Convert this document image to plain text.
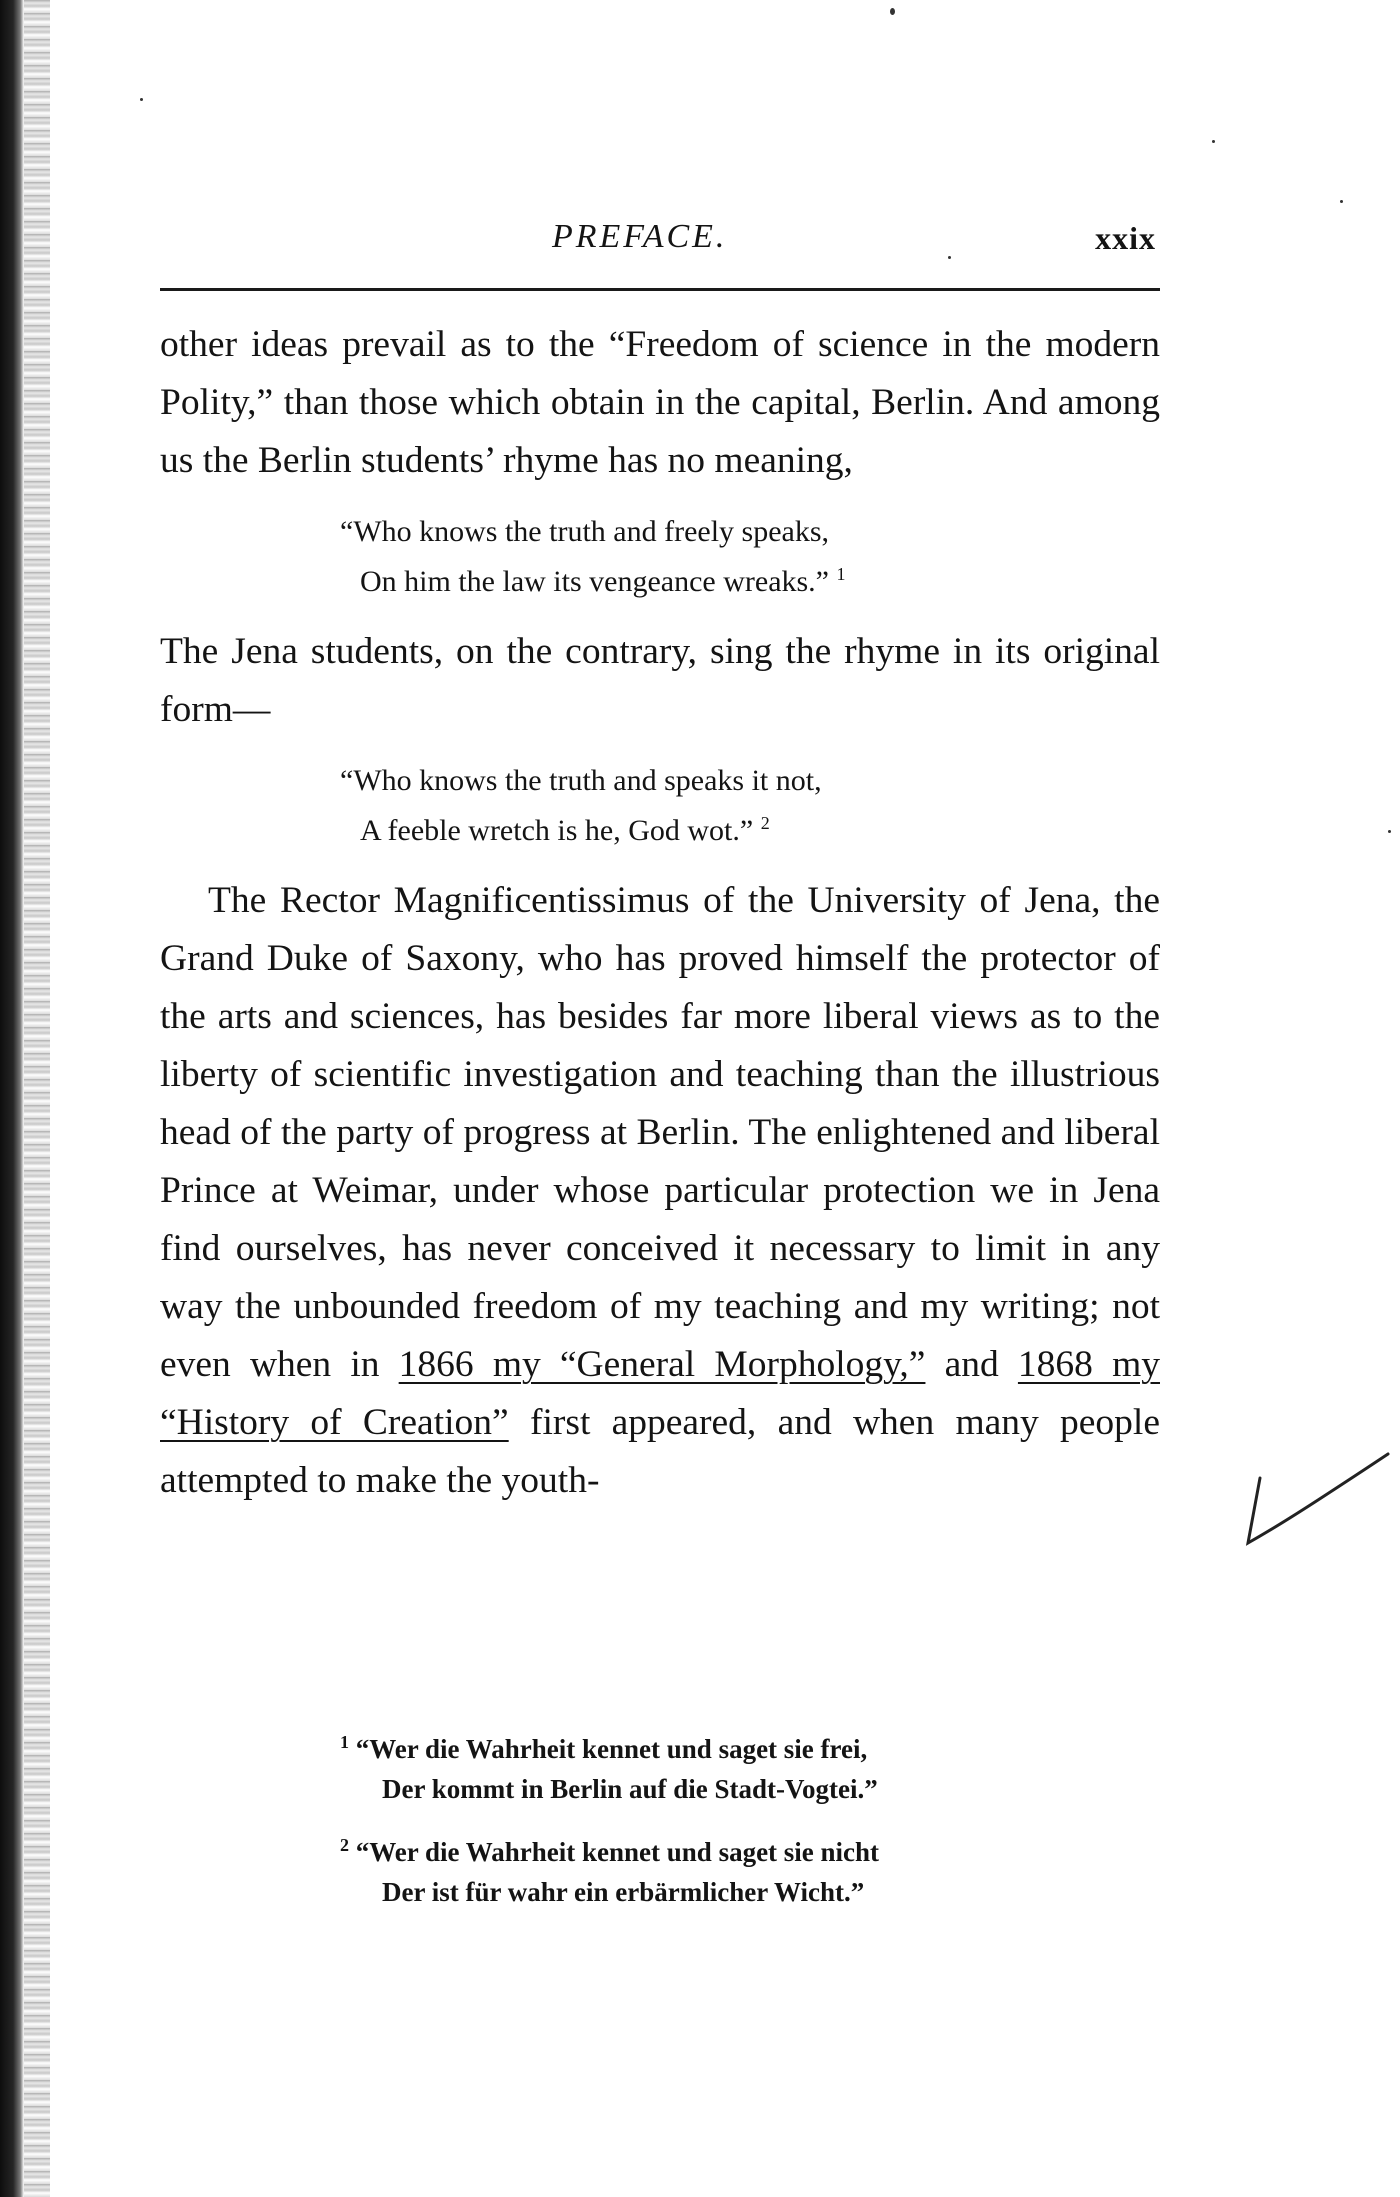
PREFACE.	xxix

other ideas prevail as to the “Freedom of science in the modern Polity,” than those which obtain in the capital, Berlin. And among us the Berlin students’ rhyme has no meaning,

“Who knows the truth and freely speaks,
On him the law its vengeance wreaks.” $^1$

The Jena students, on the contrary, sing the rhyme in its original form—

“Who knows the truth and speaks it not,
A feeble wretch is he, God wot.” $^2$

The Rector Magnificentissimus of the University of Jena, the Grand Duke of Saxony, who has proved himself the protector of the arts and sciences, has besides far more liberal views as to the liberty of scientific investigation and teaching than the illustrious head of the party of progress at Berlin. The enlightened and liberal Prince at Weimar, under whose particular protection we in Jena find ourselves, has never conceived it necessary to limit in any way the unbounded freedom of my teaching and my writing; not even when in 1866 my “General Morphology,” and 1868 my “History of Creation” first appeared, and when many people attempted to make the youth-

$^1$ “Wer die Wahrheit kennet und saget sie frei,
Der kommt in Berlin auf die Stadt-Vogtei.”
$^2$ “Wer die Wahrheit kennet und saget sie nicht
Der ist für wahr ein erbärmlicher Wicht.”
